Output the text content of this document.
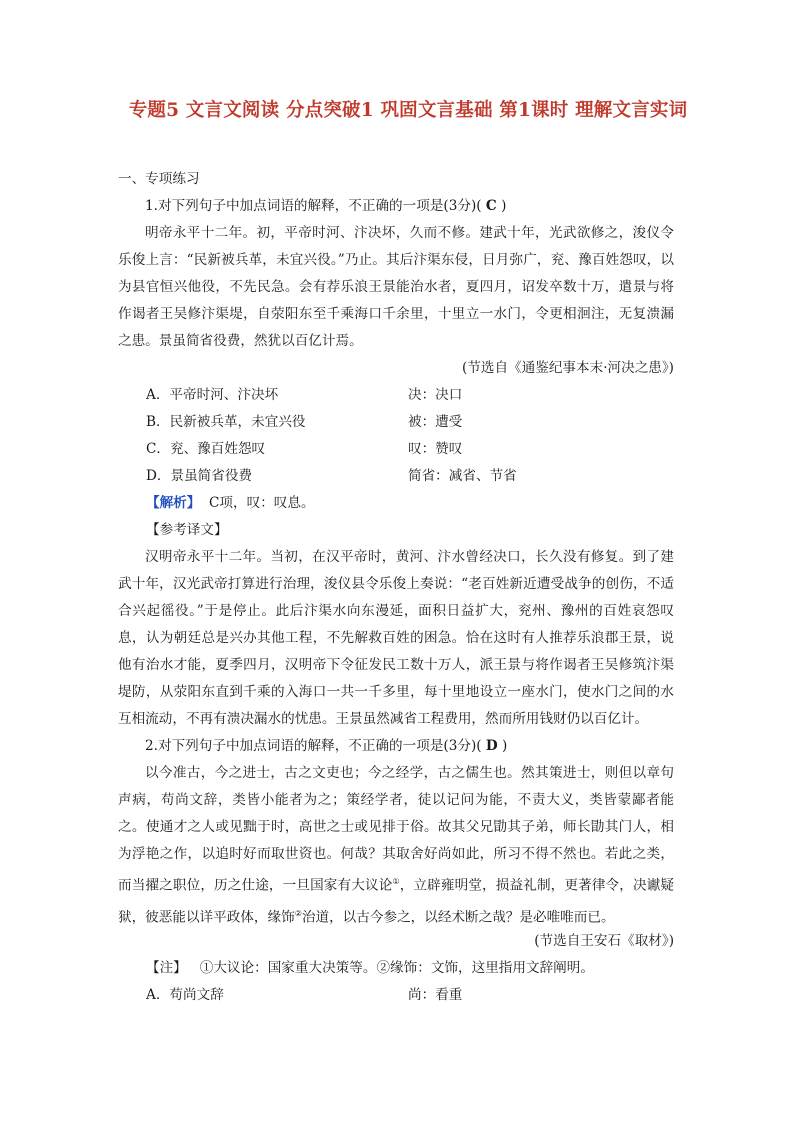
专题5 文言文阅读 分点突破1 巩固文言基础 第1课时 理解文言实词
一、专项练习
1.对下列句子中加点词语的解释，不正确的一项是(3分)( C )
明帝永平十二年。初，平帝时河、汴决坏，久而不修。建武十年，光武欲修之，浚仪令乐俊上言：“民新被兵革，未宜兴役。”乃止。其后汴渠东侵，日月弥广，兖、豫百姓怨叹，以为县官恒兴他役，不先民急。会有荐乐浪王景能治水者，夏四月，诏发卒数十万，遣景与将作谒者王吴修汴渠堤，自荥阳东至千乘海口千余里，十里立一水门，令更相洄注，无复溃漏之患。景虽简省役费，然犹以百亿计焉。
(节选自《通鉴纪事本末·河决之患》)
A．平帝时河、汴决坏	决：决口
B．民新被兵革，未宜兴役	被：遭受
C．兖、豫百姓怨叹	叹：赞叹
D．景虽简省役费	简省：减省、节省
【解析】 C项，叹：叹息。
【参考译文】
汉明帝永平十二年。当初，在汉平帝时，黄河、汴水曾经决口，长久没有修复。到了建武十年，汉光武帝打算进行治理，浚仪县令乐俊上奏说：“老百姓新近遭受战争的创伤，不适合兴起徭役。”于是停止。此后汴渠水向东漫延，面积日益扩大，兖州、豫州的百姓哀怨叹息，认为朝廷总是兴办其他工程，不先解救百姓的困急。恰在这时有人推荐乐浪郡王景，说他有治水才能，夏季四月，汉明帝下令征发民工数十万人，派王景与将作谒者王吴修筑汴渠堤防，从荥阳东直到千乘的入海口一共一千多里，每十里地设立一座水门，使水门之间的水互相流动，不再有溃决漏水的忧患。王景虽然减省工程费用，然而所用钱财仍以百亿计。
2.对下列句子中加点词语的解释，不正确的一项是(3分)( D )
以今准古，今之进士，古之文吏也；今之经学，古之儒生也。然其策进士，则但以章句声病，苟尚文辞，类皆小能者为之；策经学者，徒以记问为能，不责大义，类皆蒙鄙者能之。使通才之人或见黜于时，高世之士或见排于俗。故其父兄勖其子弟，师长勖其门人，相为浮艳之作，以追时好而取世资也。何哉？其取舍好尚如此，所习不得不然也。若此之类，而当擢之职位，历之仕途，一旦国家有大议论①，立辟雍明堂，损益礼制，更著律令，决谳疑狱，彼恶能以详平政体，缘饰②治道，以古今参之，以经术断之哉？是必唯唯而已。
(节选自王安石《取材》)
【注】 ①大议论：国家重大决策等。②缘饰：文饰，这里指用文辞阐明。
A．苟尚文辞	尚：看重
